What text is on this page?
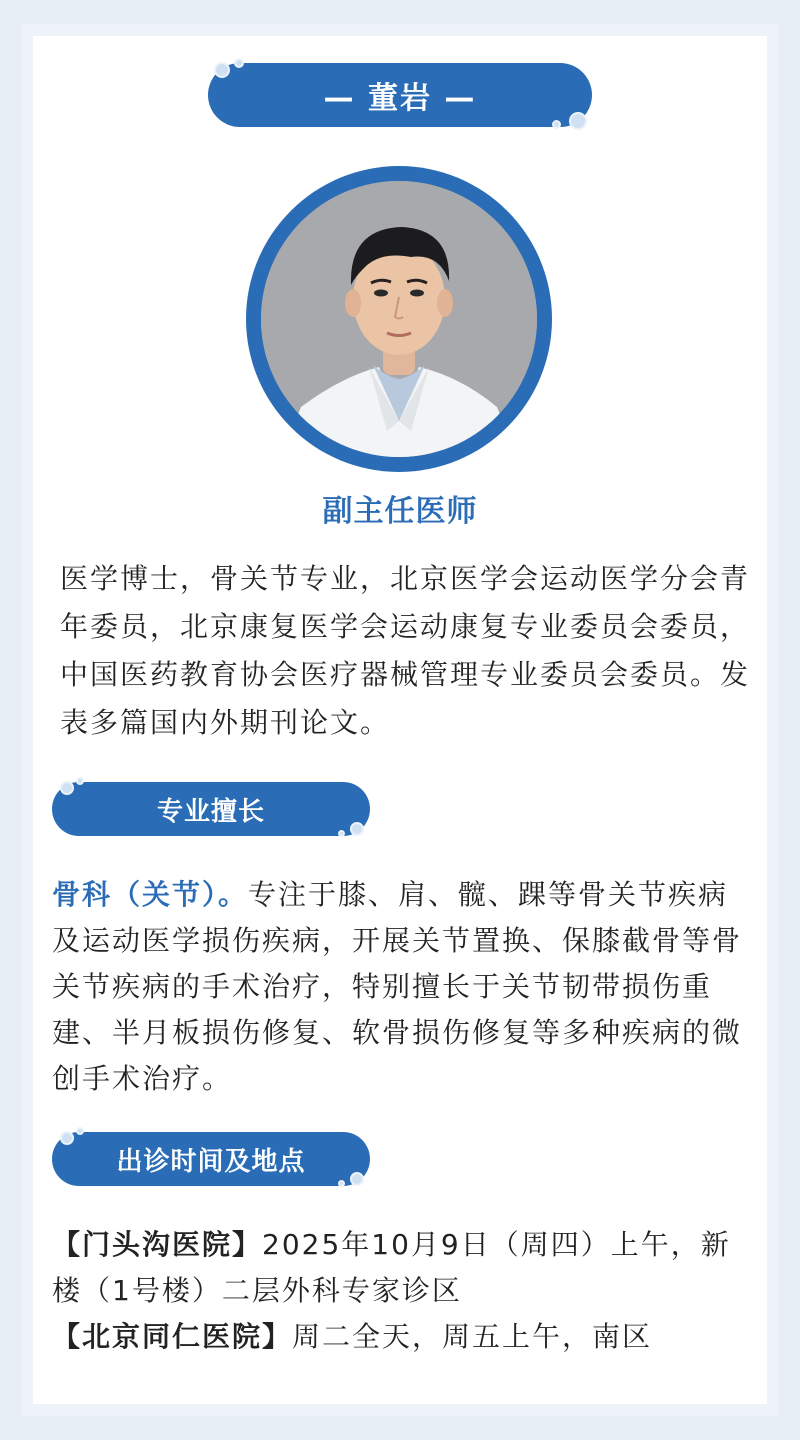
— 董岩 —
副主任医师
医学博士，骨关节专业，北京医学会运动医学分会青年委员，北京康复医学会运动康复专业委员会委员，中国医药教育协会医疗器械管理专业委员会委员。发表多篇国内外期刊论文。
专业擅长
骨科（关节）。专注于膝、肩、髋、踝等骨关节疾病及运动医学损伤疾病，开展关节置换、保膝截骨等骨关节疾病的手术治疗，特别擅长于关节韧带损伤重建、半月板损伤修复、软骨损伤修复等多种疾病的微创手术治疗。
出诊时间及地点
【门头沟医院】2025年10月9日（周四）上午，新楼（1号楼）二层外科专家诊区
【北京同仁医院】周二全天，周五上午，南区
